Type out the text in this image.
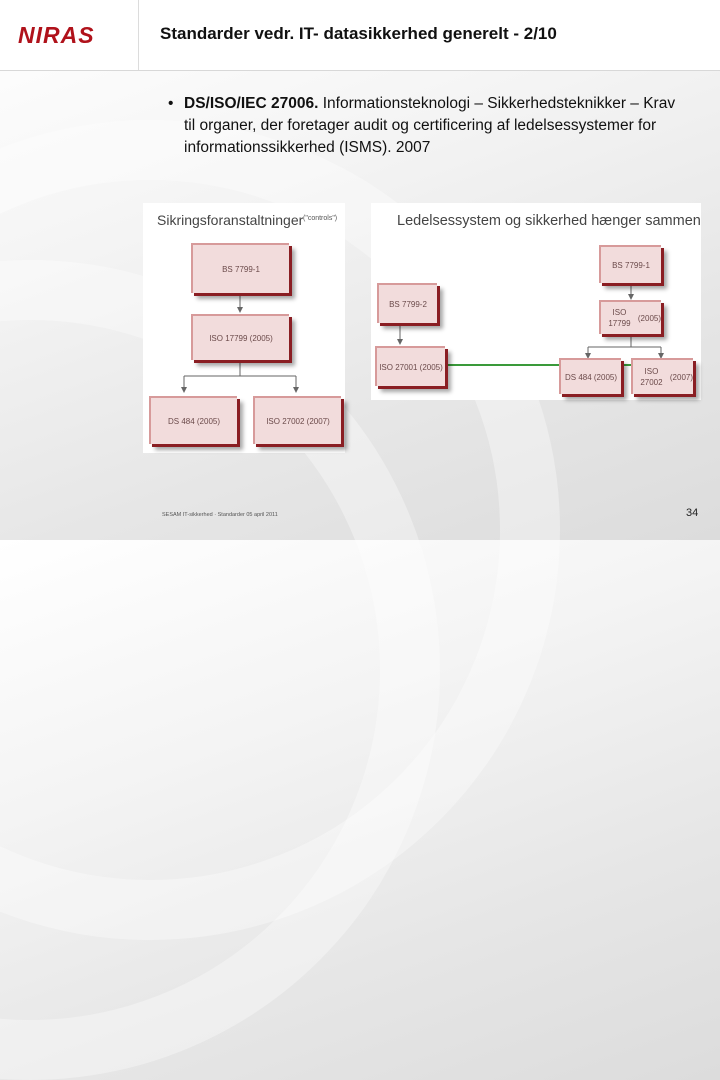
NIRAS	Standarder vedr. IT- datasikkerhed generelt - 2/10
• DS/ISO/IEC 27006. Informationsteknologi – Sikkerhedsteknikker – Krav til organer, der foretager audit og certificering af ledelsessystemer for informationssikkerhed (ISMS). 2007
Sikringsforanstaltninger ("controls")
BS 7799-1
ISO 17799 (2005)
DS 484 (2005)	ISO 27002 (2007)
Ledelsessystem og sikkerhed hænger sammen
BS 7799-1
BS 7799-2
ISO 17799
(2005)
ISO 27001 (2005)
DS 484 (2005)
ISO 27002
(2007)
SESAM IT-sikkerhed · Standarder 05 april 2011	34
